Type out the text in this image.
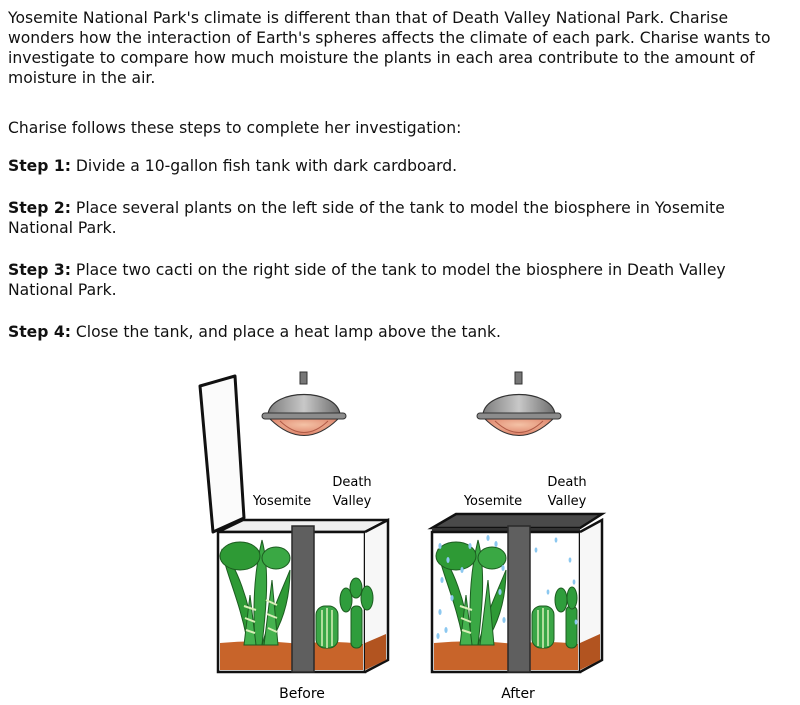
Yosemite National Park's climate is different than that of Death Valley National Park. Charise wonders how the interaction of Earth's spheres affects the climate of each park. Charise wants to investigate to compare how much moisture the plants in each area contribute to the amount of moisture in the air.

Charise follows these steps to complete her investigation:

Step 1: Divide a 10-gallon fish tank with dark cardboard.

Step 2: Place several plants on the left side of the tank to model the biosphere in Yosemite National Park.

Step 3: Place two cacti on the right side of the tank to model the biosphere in Death Valley National Park.

Step 4: Close the tank, and place a heat lamp above the tank.

Yosemite
Death
Valley
Before
Yosemite
Death
Valley
After
